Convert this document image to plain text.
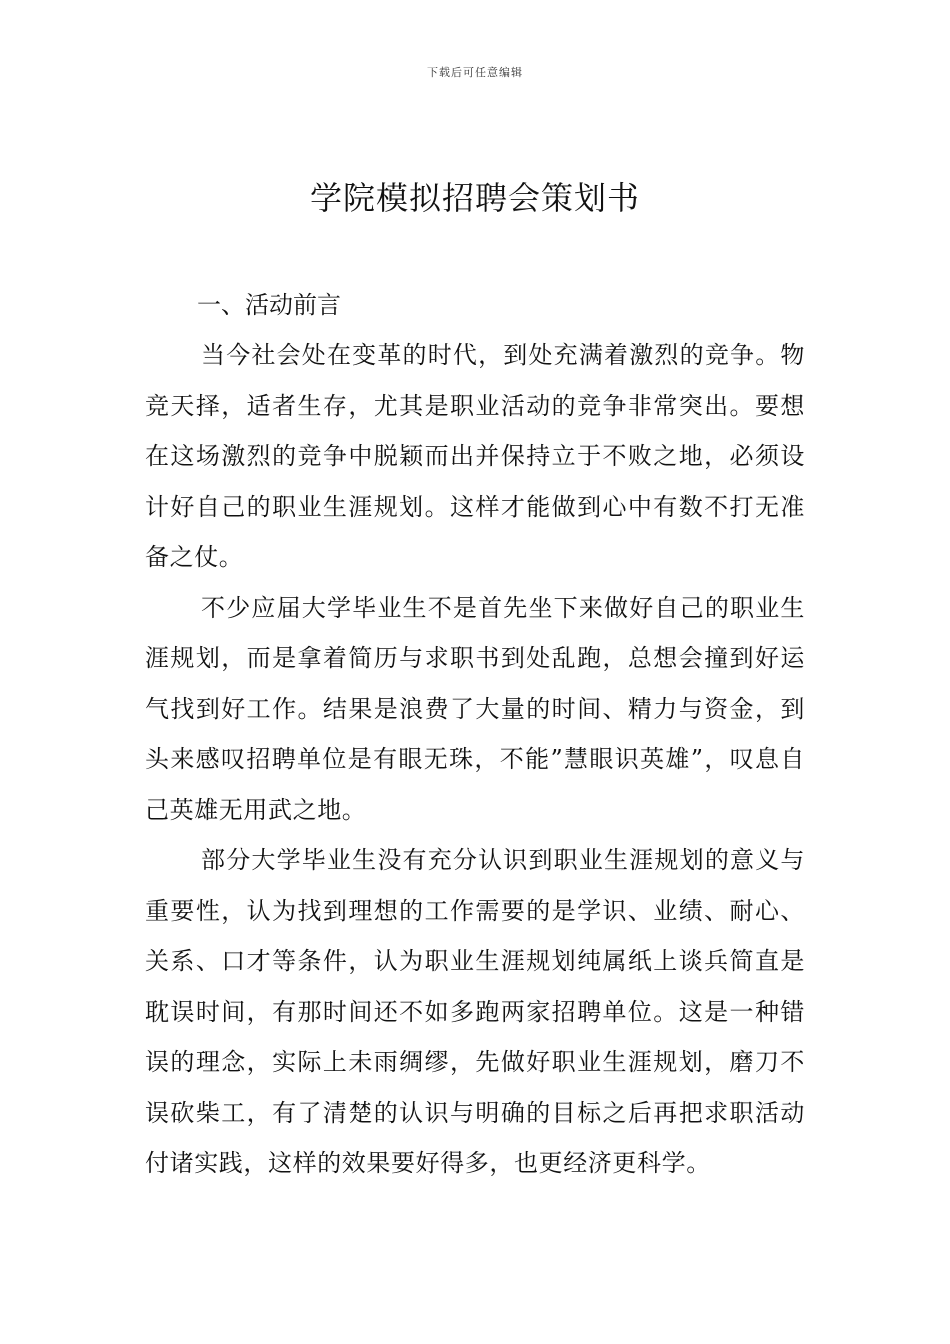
下载后可任意编辑
学院模拟招聘会策划书
一、活动前言

当今社会处在变革的时代，到处充满着激烈的竞争。物竞天择，适者生存，尤其是职业活动的竞争非常突出。要想在这场激烈的竞争中脱颖而出并保持立于不败之地，必须设计好自己的职业生涯规划。这样才能做到心中有数不打无准备之仗。

不少应届大学毕业生不是首先坐下来做好自己的职业生涯规划，而是拿着简历与求职书到处乱跑，总想会撞到好运气找到好工作。结果是浪费了大量的时间、精力与资金，到头来感叹招聘单位是有眼无珠，不能”慧眼识英雄”，叹息自己英雄无用武之地。

部分大学毕业生没有充分认识到职业生涯规划的意义与重要性，认为找到理想的工作需要的是学识、业绩、耐心、关系、口才等条件，认为职业生涯规划纯属纸上谈兵简直是耽误时间，有那时间还不如多跑两家招聘单位。这是一种错误的理念，实际上未雨绸缪，先做好职业生涯规划，磨刀不误砍柴工，有了清楚的认识与明确的目标之后再把求职活动付诸实践，这样的效果要好得多，也更经济更科学。
